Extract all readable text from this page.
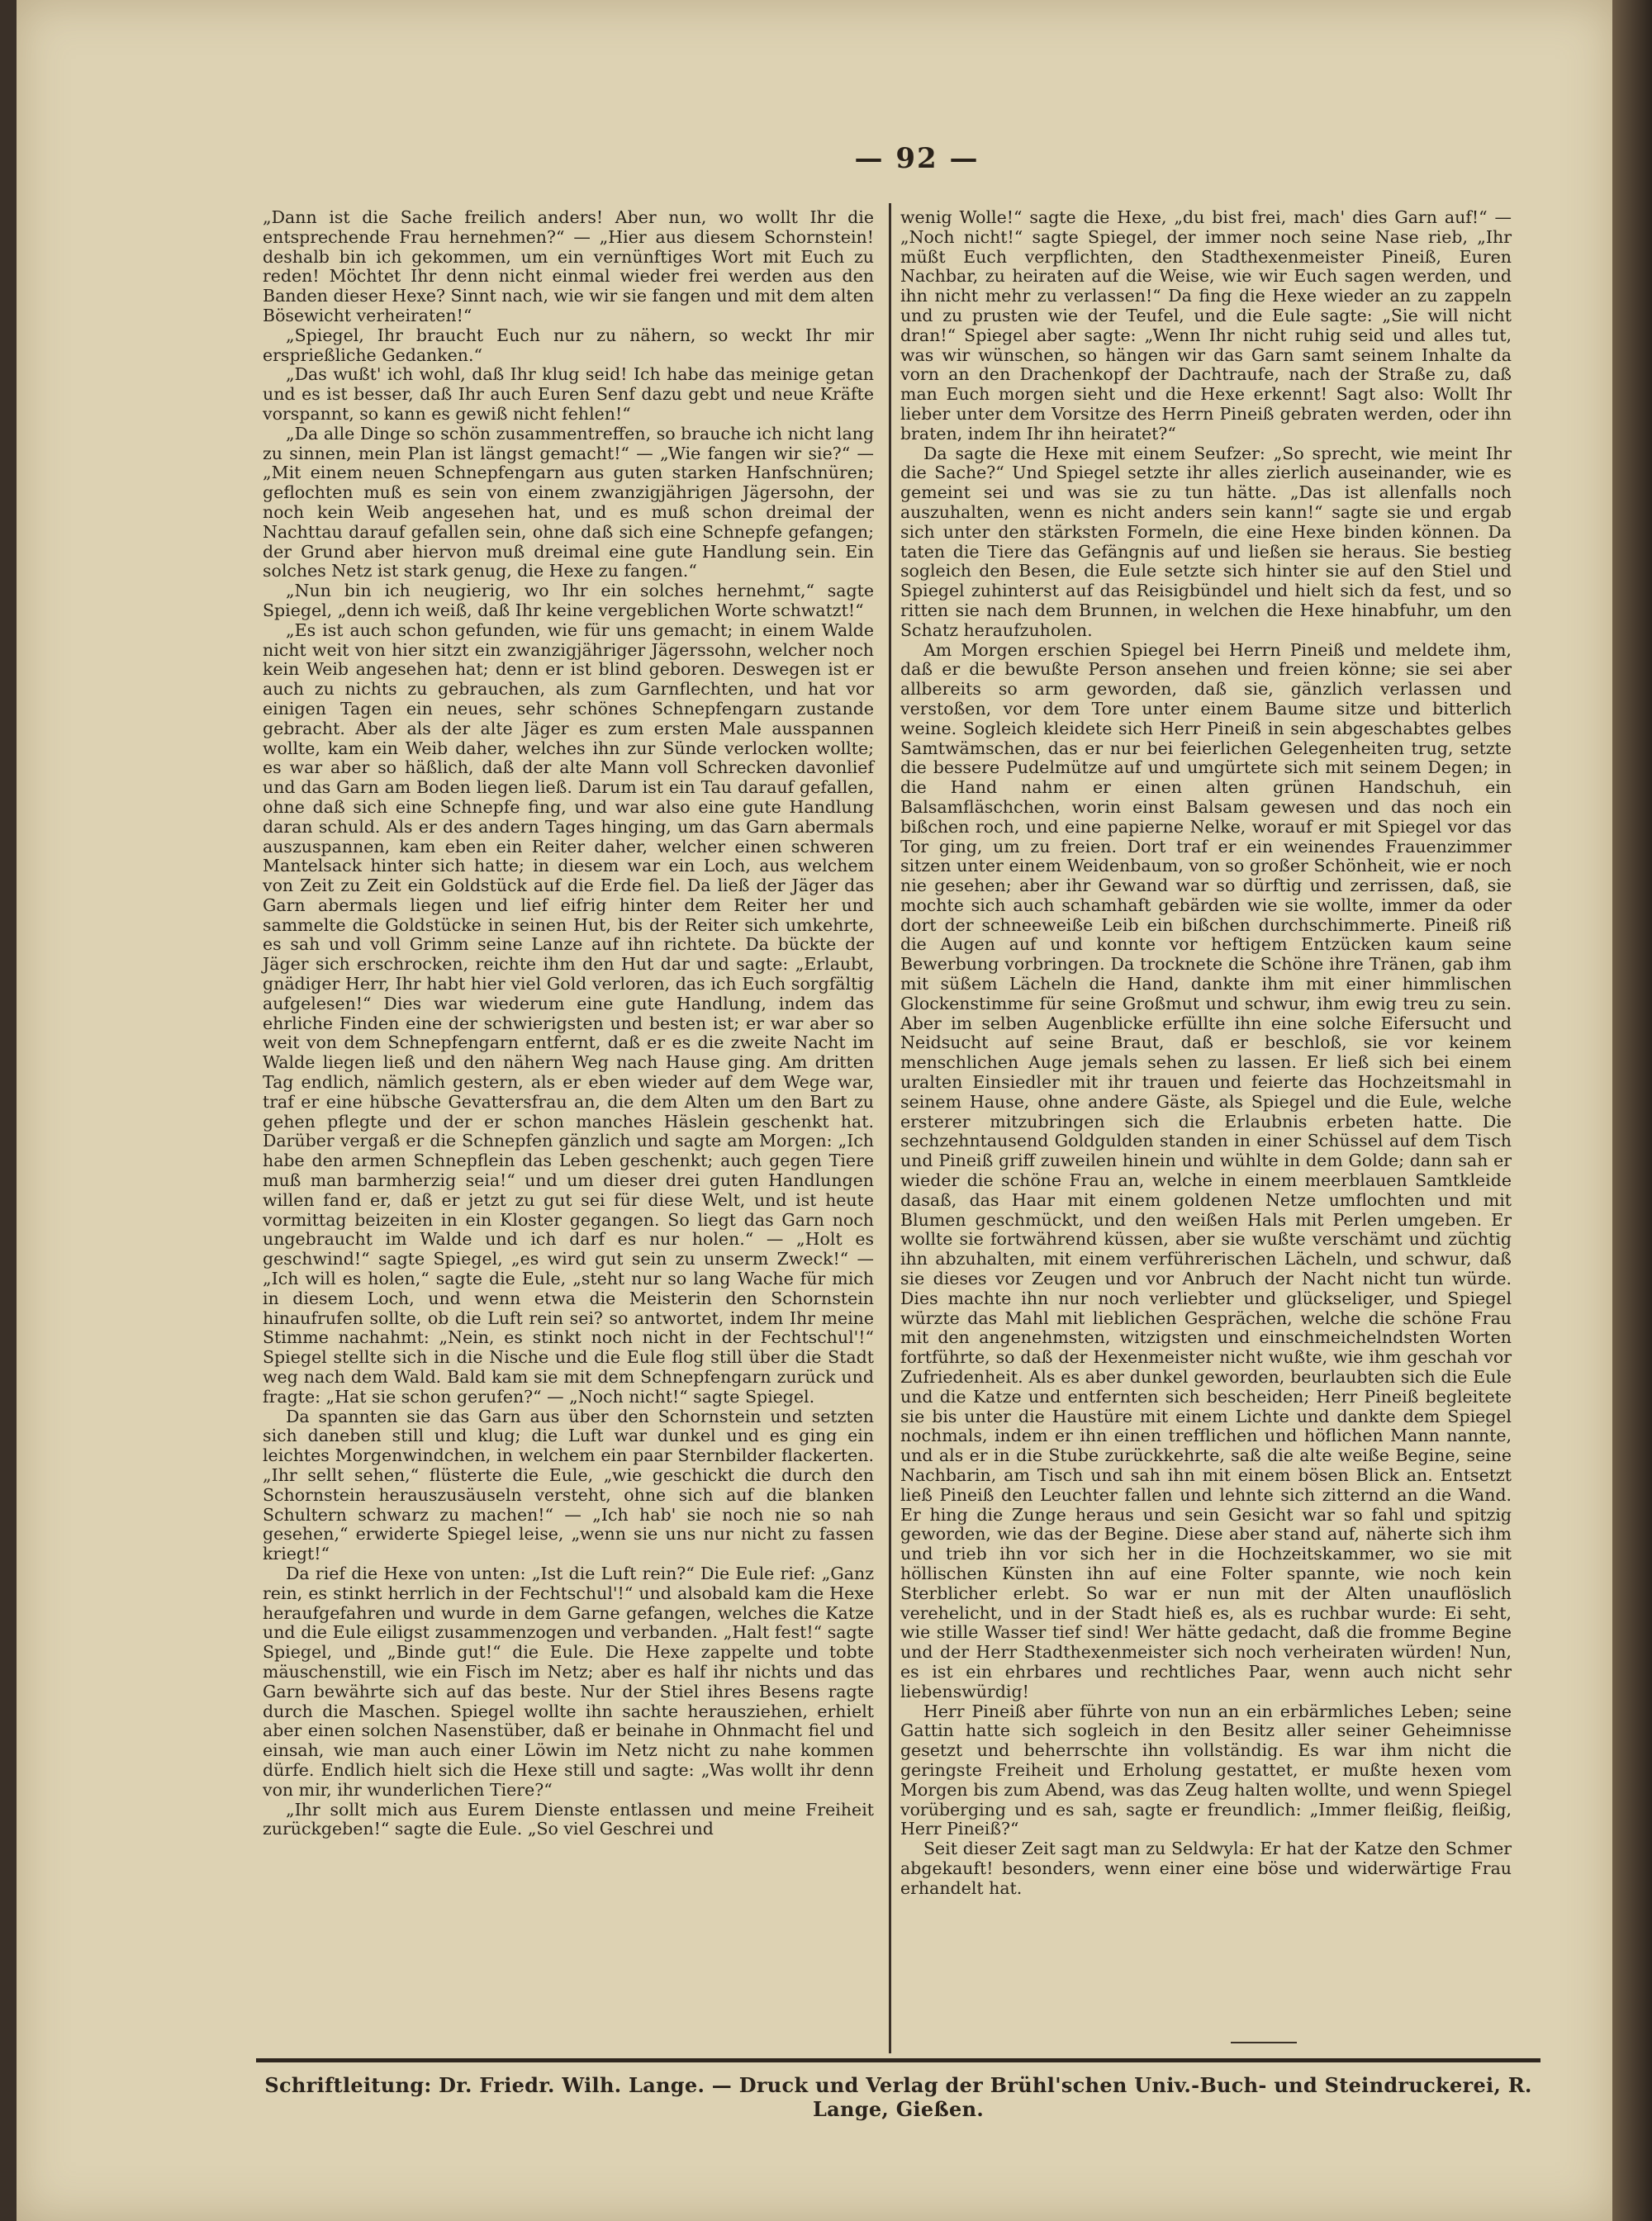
— 92 —

„Dann ist die Sache freilich anders! Aber nun, wo wollt Ihr die entsprechende Frau hernehmen?“ — „Hier aus diesem Schornstein! deshalb bin ich gekommen, um ein vernünftiges Wort mit Euch zu reden! Möchtet Ihr denn nicht einmal wieder frei werden aus den Banden dieser Hexe? Sinnt nach, wie wir sie fangen und mit dem alten Bösewicht verheiraten!“

„Spiegel, Ihr braucht Euch nur zu nähern, so weckt Ihr mir ersprießliche Gedanken.“

„Das wußt' ich wohl, daß Ihr klug seid! Ich habe das meinige getan und es ist besser, daß Ihr auch Euren Senf dazu gebt und neue Kräfte vorspannt, so kann es gewiß nicht fehlen!“

„Da alle Dinge so schön zusammentreffen, so brauche ich nicht lang zu sinnen, mein Plan ist längst gemacht!“ — „Wie fangen wir sie?“ — „Mit einem neuen Schnepfengarn aus guten starken Hanfschnüren; geflochten muß es sein von einem zwanzigjährigen Jägersohn, der noch kein Weib angesehen hat, und es muß schon dreimal der Nachttau darauf gefallen sein, ohne daß sich eine Schnepfe gefangen; der Grund aber hiervon muß dreimal eine gute Handlung sein. Ein solches Netz ist stark genug, die Hexe zu fangen.“

„Nun bin ich neugierig, wo Ihr ein solches hernehmt,“ sagte Spiegel, „denn ich weiß, daß Ihr keine vergeblichen Worte schwatzt!“

„Es ist auch schon gefunden, wie für uns gemacht; in einem Walde nicht weit von hier sitzt ein zwanzigjähriger Jägerssohn, welcher noch kein Weib angesehen hat; denn er ist blind geboren. Deswegen ist er auch zu nichts zu gebrauchen, als zum Garnflechten, und hat vor einigen Tagen ein neues, sehr schönes Schnepfengarn zustande gebracht. Aber als der alte Jäger es zum ersten Male ausspannen wollte, kam ein Weib daher, welches ihn zur Sünde verlocken wollte; es war aber so häßlich, daß der alte Mann voll Schrecken davonlief und das Garn am Boden liegen ließ. Darum ist ein Tau darauf gefallen, ohne daß sich eine Schnepfe fing, und war also eine gute Handlung daran schuld. Als er des andern Tages hinging, um das Garn abermals auszuspannen, kam eben ein Reiter daher, welcher einen schweren Mantelsack hinter sich hatte; in diesem war ein Loch, aus welchem von Zeit zu Zeit ein Goldstück auf die Erde fiel. Da ließ der Jäger das Garn abermals liegen und lief eifrig hinter dem Reiter her und sammelte die Goldstücke in seinen Hut, bis der Reiter sich umkehrte, es sah und voll Grimm seine Lanze auf ihn richtete. Da bückte der Jäger sich erschrocken, reichte ihm den Hut dar und sagte: „Erlaubt, gnädiger Herr, Ihr habt hier viel Gold verloren, das ich Euch sorgfältig aufgelesen!“ Dies war wiederum eine gute Handlung, indem das ehrliche Finden eine der schwierigsten und besten ist; er war aber so weit von dem Schnepfengarn entfernt, daß er es die zweite Nacht im Walde liegen ließ und den nähern Weg nach Hause ging. Am dritten Tag endlich, nämlich gestern, als er eben wieder auf dem Wege war, traf er eine hübsche Gevattersfrau an, die dem Alten um den Bart zu gehen pflegte und der er schon manches Häslein geschenkt hat. Darüber vergaß er die Schnepfen gänzlich und sagte am Morgen: „Ich habe den armen Schnepflein das Leben geschenkt; auch gegen Tiere muß man barmherzig seia!“ und um dieser drei guten Handlungen willen fand er, daß er jetzt zu gut sei für diese Welt, und ist heute vormittag beizeiten in ein Kloster gegangen. So liegt das Garn noch ungebraucht im Walde und ich darf es nur holen.“ — „Holt es geschwind!“ sagte Spiegel, „es wird gut sein zu unserm Zweck!“ — „Ich will es holen,“ sagte die Eule, „steht nur so lang Wache für mich in diesem Loch, und wenn etwa die Meisterin den Schornstein hinaufrufen sollte, ob die Luft rein sei? so antwortet, indem Ihr meine Stimme nachahmt: „Nein, es stinkt noch nicht in der Fechtschul'!“ Spiegel stellte sich in die Nische und die Eule flog still über die Stadt weg nach dem Wald. Bald kam sie mit dem Schnepfengarn zurück und fragte: „Hat sie schon gerufen?“ — „Noch nicht!“ sagte Spiegel.

Da spannten sie das Garn aus über den Schornstein und setzten sich daneben still und klug; die Luft war dunkel und es ging ein leichtes Morgenwindchen, in welchem ein paar Sternbilder flackerten. „Ihr sellt sehen,“ flüsterte die Eule, „wie geschickt die durch den Schornstein herauszusäuseln versteht, ohne sich auf die blanken Schultern schwarz zu machen!“ — „Ich hab' sie noch nie so nah gesehen,“ erwiderte Spiegel leise, „wenn sie uns nur nicht zu fassen kriegt!“

Da rief die Hexe von unten: „Ist die Luft rein?“ Die Eule rief: „Ganz rein, es stinkt herrlich in der Fechtschul'!“ und alsobald kam die Hexe heraufgefahren und wurde in dem Garne gefangen, welches die Katze und die Eule eiligst zusammenzogen und verbanden. „Halt fest!“ sagte Spiegel, und „Binde gut!“ die Eule. Die Hexe zappelte und tobte mäuschenstill, wie ein Fisch im Netz; aber es half ihr nichts und das Garn bewährte sich auf das beste. Nur der Stiel ihres Besens ragte durch die Maschen. Spiegel wollte ihn sachte herausziehen, erhielt aber einen solchen Nasenstüber, daß er beinahe in Ohnmacht fiel und einsah, wie man auch einer Löwin im Netz nicht zu nahe kommen dürfe. Endlich hielt sich die Hexe still und sagte: „Was wollt ihr denn von mir, ihr wunderlichen Tiere?“

„Ihr sollt mich aus Eurem Dienste entlassen und meine Freiheit zurückgeben!“ sagte die Eule. „So viel Geschrei und

wenig Wolle!“ sagte die Hexe, „du bist frei, mach' dies Garn auf!“ — „Noch nicht!“ sagte Spiegel, der immer noch seine Nase rieb, „Ihr müßt Euch verpflichten, den Stadthexenmeister Pineiß, Euren Nachbar, zu heiraten auf die Weise, wie wir Euch sagen werden, und ihn nicht mehr zu verlassen!“ Da fing die Hexe wieder an zu zappeln und zu prusten wie der Teufel, und die Eule sagte: „Sie will nicht dran!“ Spiegel aber sagte: „Wenn Ihr nicht ruhig seid und alles tut, was wir wünschen, so hängen wir das Garn samt seinem Inhalte da vorn an den Drachenkopf der Dachtraufe, nach der Straße zu, daß man Euch morgen sieht und die Hexe erkennt! Sagt also: Wollt Ihr lieber unter dem Vorsitze des Herrn Pineiß gebraten werden, oder ihn braten, indem Ihr ihn heiratet?“

Da sagte die Hexe mit einem Seufzer: „So sprecht, wie meint Ihr die Sache?“ Und Spiegel setzte ihr alles zierlich auseinander, wie es gemeint sei und was sie zu tun hätte. „Das ist allenfalls noch auszuhalten, wenn es nicht anders sein kann!“ sagte sie und ergab sich unter den stärksten Formeln, die eine Hexe binden können. Da taten die Tiere das Gefängnis auf und ließen sie heraus. Sie bestieg sogleich den Besen, die Eule setzte sich hinter sie auf den Stiel und Spiegel zuhinterst auf das Reisigbündel und hielt sich da fest, und so ritten sie nach dem Brunnen, in welchen die Hexe hinabfuhr, um den Schatz heraufzuholen.

Am Morgen erschien Spiegel bei Herrn Pineiß und meldete ihm, daß er die bewußte Person ansehen und freien könne; sie sei aber allbereits so arm geworden, daß sie, gänzlich verlassen und verstoßen, vor dem Tore unter einem Baume sitze und bitterlich weine. Sogleich kleidete sich Herr Pineiß in sein abgeschabtes gelbes Samtwämschen, das er nur bei feierlichen Gelegenheiten trug, setzte die bessere Pudelmütze auf und umgürtete sich mit seinem Degen; in die Hand nahm er einen alten grünen Handschuh, ein Balsamfläschchen, worin einst Balsam gewesen und das noch ein bißchen roch, und eine papierne Nelke, worauf er mit Spiegel vor das Tor ging, um zu freien. Dort traf er ein weinendes Frauenzimmer sitzen unter einem Weidenbaum, von so großer Schönheit, wie er noch nie gesehen; aber ihr Gewand war so dürftig und zerrissen, daß, sie mochte sich auch schamhaft gebärden wie sie wollte, immer da oder dort der schneeweiße Leib ein bißchen durchschimmerte. Pineiß riß die Augen auf und konnte vor heftigem Entzücken kaum seine Bewerbung vorbringen. Da trocknete die Schöne ihre Tränen, gab ihm mit süßem Lächeln die Hand, dankte ihm mit einer himmlischen Glockenstimme für seine Großmut und schwur, ihm ewig treu zu sein. Aber im selben Augenblicke erfüllte ihn eine solche Eifersucht und Neidsucht auf seine Braut, daß er beschloß, sie vor keinem menschlichen Auge jemals sehen zu lassen. Er ließ sich bei einem uralten Einsiedler mit ihr trauen und feierte das Hochzeitsmahl in seinem Hause, ohne andere Gäste, als Spiegel und die Eule, welche ersterer mitzubringen sich die Erlaubnis erbeten hatte. Die sechzehntausend Goldgulden standen in einer Schüssel auf dem Tisch und Pineiß griff zuweilen hinein und wühlte in dem Golde; dann sah er wieder die schöne Frau an, welche in einem meerblauen Samtkleide dasaß, das Haar mit einem goldenen Netze umflochten und mit Blumen geschmückt, und den weißen Hals mit Perlen umgeben. Er wollte sie fortwährend küssen, aber sie wußte verschämt und züchtig ihn abzuhalten, mit einem verführerischen Lächeln, und schwur, daß sie dieses vor Zeugen und vor Anbruch der Nacht nicht tun würde. Dies machte ihn nur noch verliebter und glückseliger, und Spiegel würzte das Mahl mit lieblichen Gesprächen, welche die schöne Frau mit den angenehmsten, witzigsten und einschmeichelndsten Worten fortführte, so daß der Hexenmeister nicht wußte, wie ihm geschah vor Zufriedenheit. Als es aber dunkel geworden, beurlaubten sich die Eule und die Katze und entfernten sich bescheiden; Herr Pineiß begleitete sie bis unter die Haustüre mit einem Lichte und dankte dem Spiegel nochmals, indem er ihn einen trefflichen und höflichen Mann nannte, und als er in die Stube zurückkehrte, saß die alte weiße Begine, seine Nachbarin, am Tisch und sah ihn mit einem bösen Blick an. Entsetzt ließ Pineiß den Leuchter fallen und lehnte sich zitternd an die Wand. Er hing die Zunge heraus und sein Gesicht war so fahl und spitzig geworden, wie das der Begine. Diese aber stand auf, näherte sich ihm und trieb ihn vor sich her in die Hochzeitskammer, wo sie mit höllischen Künsten ihn auf eine Folter spannte, wie noch kein Sterblicher erlebt. So war er nun mit der Alten unauflöslich verehelicht, und in der Stadt hieß es, als es ruchbar wurde: Ei seht, wie stille Wasser tief sind! Wer hätte gedacht, daß die fromme Begine und der Herr Stadthexenmeister sich noch verheiraten würden! Nun, es ist ein ehrbares und rechtliches Paar, wenn auch nicht sehr liebenswürdig!

Herr Pineiß aber führte von nun an ein erbärmliches Leben; seine Gattin hatte sich sogleich in den Besitz aller seiner Geheimnisse gesetzt und beherrschte ihn vollständig. Es war ihm nicht die geringste Freiheit und Erholung gestattet, er mußte hexen vom Morgen bis zum Abend, was das Zeug halten wollte, und wenn Spiegel vorüberging und es sah, sagte er freundlich: „Immer fleißig, fleißig, Herr Pineiß?“

Seit dieser Zeit sagt man zu Seldwyla: Er hat der Katze den Schmer abgekauft! besonders, wenn einer eine böse und widerwärtige Frau erhandelt hat.

Schriftleitung: Dr. Friedr. Wilh. Lange. — Druck und Verlag der Brühl'schen Univ.-Buch- und Steindruckerei, R. Lange, Gießen.
